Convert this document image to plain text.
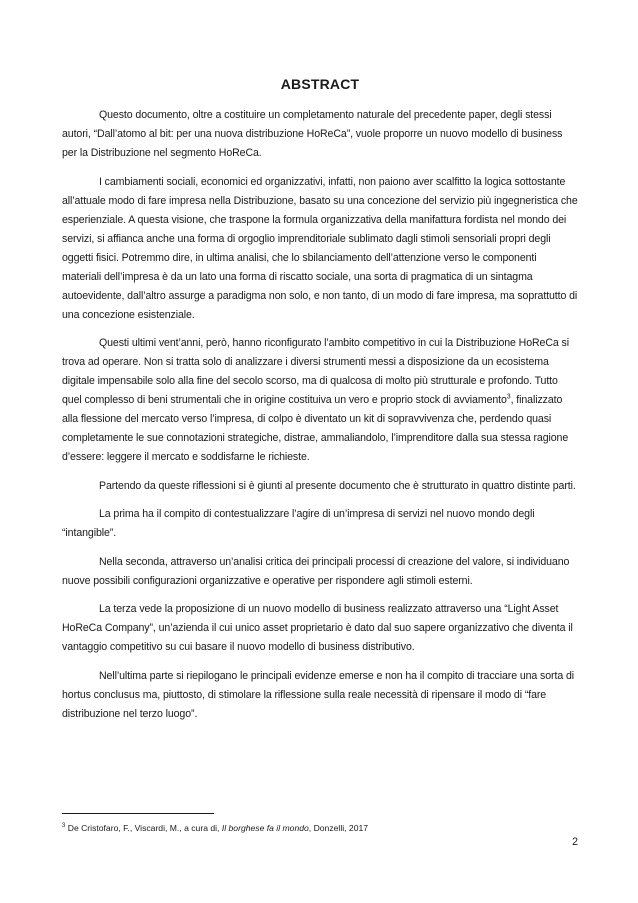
ABSTRACT

Questo documento, oltre a costituire un completamento naturale del precedente paper, degli stessi autori, “Dall’atomo al bit: per una nuova distribuzione HoReCa”, vuole proporre un nuovo modello di business per la Distribuzione nel segmento HoReCa.

I cambiamenti sociali, economici ed organizzativi, infatti, non paiono aver scalfitto la logica sottostante all’attuale modo di fare impresa nella Distribuzione, basato su una concezione del servizio più ingegneristica che esperienziale. A questa visione, che traspone la formula organizzativa della manifattura fordista nel mondo dei servizi, si affianca anche una forma di orgoglio imprenditoriale sublimato dagli stimoli sensoriali propri degli oggetti fisici. Potremmo dire, in ultima analisi, che lo sbilanciamento dell’attenzione verso le componenti materiali dell’impresa è da un lato una forma di riscatto sociale, una sorta di pragmatica di un sintagma autoevidente, dall’altro assurge a paradigma non solo, e non tanto, di un modo di fare impresa, ma soprattutto di una concezione esistenziale.

Questi ultimi vent’anni, però, hanno riconfigurato l’ambito competitivo in cui la Distribuzione HoReCa si trova ad operare. Non si tratta solo di analizzare i diversi strumenti messi a disposizione da un ecosistema digitale impensabile solo alla fine del secolo scorso, ma di qualcosa di molto più strutturale e profondo. Tutto quel complesso di beni strumentali che in origine costituiva un vero e proprio stock di avviamento$^3$, finalizzato alla flessione del mercato verso l’impresa, di colpo è diventato un kit di sopravvivenza che, perdendo quasi completamente le sue connotazioni strategiche, distrae, ammaliandolo, l’imprenditore dalla sua stessa ragione d’essere: leggere il mercato e soddisfarne le richieste.

Partendo da queste riflessioni si è giunti al presente documento che è strutturato in quattro distinte parti.

La prima ha il compito di contestualizzare l’agire di un’impresa di servizi nel nuovo mondo degli “intangible”.

Nella seconda, attraverso un’analisi critica dei principali processi di creazione del valore, si individuano nuove possibili configurazioni organizzative e operative per rispondere agli stimoli esterni.

La terza vede la proposizione di un nuovo modello di business realizzato attraverso una “Light Asset HoReCa Company”, un’azienda il cui unico asset proprietario è dato dal suo sapere organizzativo che diventa il vantaggio competitivo su cui basare il nuovo modello di business distributivo.

Nell’ultima parte si riepilogano le principali evidenze emerse e non ha il compito di tracciare una sorta di hortus conclusus ma, piuttosto, di stimolare la riflessione sulla reale necessità di ripensare il modo di “fare distribuzione nel terzo luogo”.

$^3$ De Cristofaro, F., Viscardi, M., a cura di, Il borghese fa il mondo, Donzelli, 2017
2
